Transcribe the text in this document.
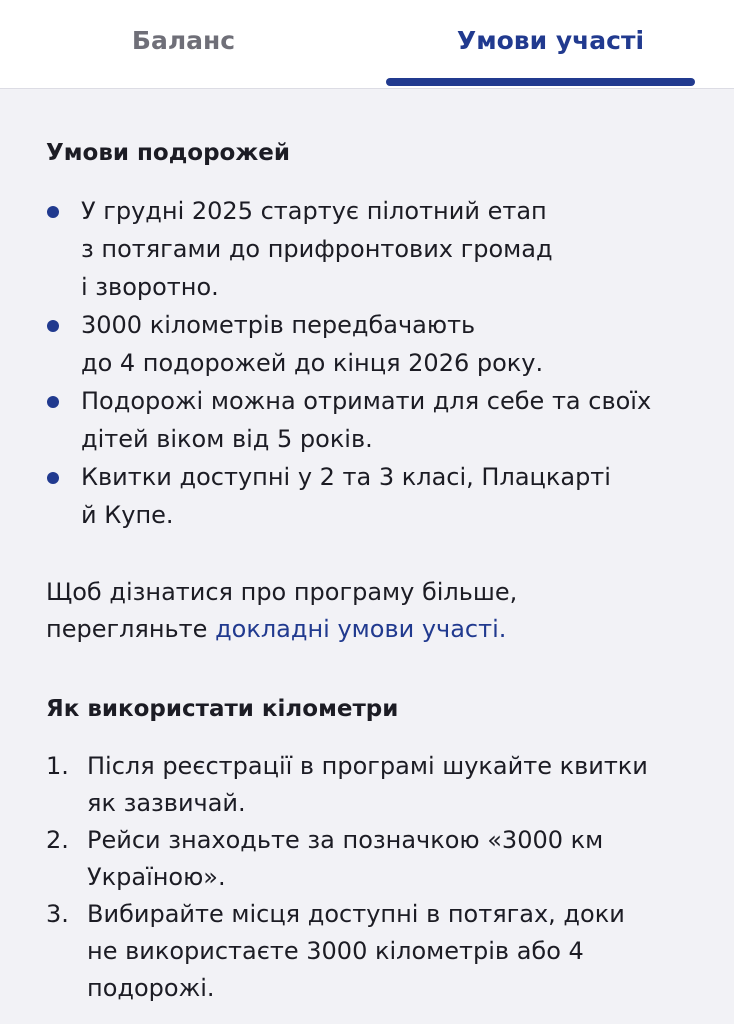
Баланс	Умови участі
Умови подорожей
У грудні 2025 стартує пілотний етап
з потягами до прифронтових громад
і зворотно.
3000 кілометрів передбачають
до 4 подорожей до кінця 2026 року.
Подорожі можна отримати для себе та своїх
дітей віком від 5 років.
Квитки доступні у 2 та 3 класі, Плацкарті
й Купе.
Щоб дізнатися про програму більше,
перегляньте докладні умови участі.
Як використати кілометри
1. Після реєстрації в програмі шукайте квитки
як зазвичай.
2. Рейси знаходьте за позначкою «3000 км
Україною».
3. Вибирайте місця доступні в потягах, доки
не використаєте 3000 кілометрів або 4
подорожі.
